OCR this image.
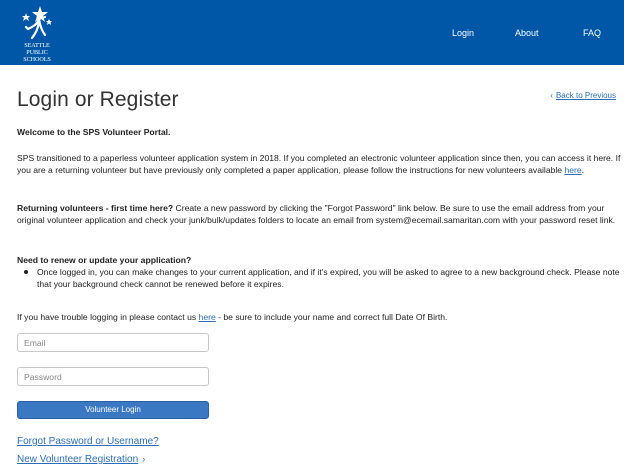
SEATTLE
PUBLIC
SCHOOLS
Login	About	FAQ
Login or Register	‹ Back to Previous
Welcome to the SPS Volunteer Portal.
SPS transitioned to a paperless volunteer application system in 2018. If you completed an electronic volunteer application since then, you can access it here. If you are a returning volunteer but have previously only completed a paper application, please follow the instructions for new volunteers available here.
Returning volunteers - first time here? Create a new password by clicking the "Forgot Password" link below. Be sure to use the email address from your original volunteer application and check your junk/bulk/updates folders to locate an email from system@ecemail.samaritan.com with your password reset link.
Need to renew or update your application?
Once logged in, you can make changes to your current application, and if it's expired, you will be asked to agree to a new background check. Please note that your background check cannot be renewed before it expires.
If you have trouble logging in please contact us here - be sure to include your name and correct full Date Of Birth.
Email
Volunteer Login
Forgot Password or Username?
New Volunteer Registration ›
